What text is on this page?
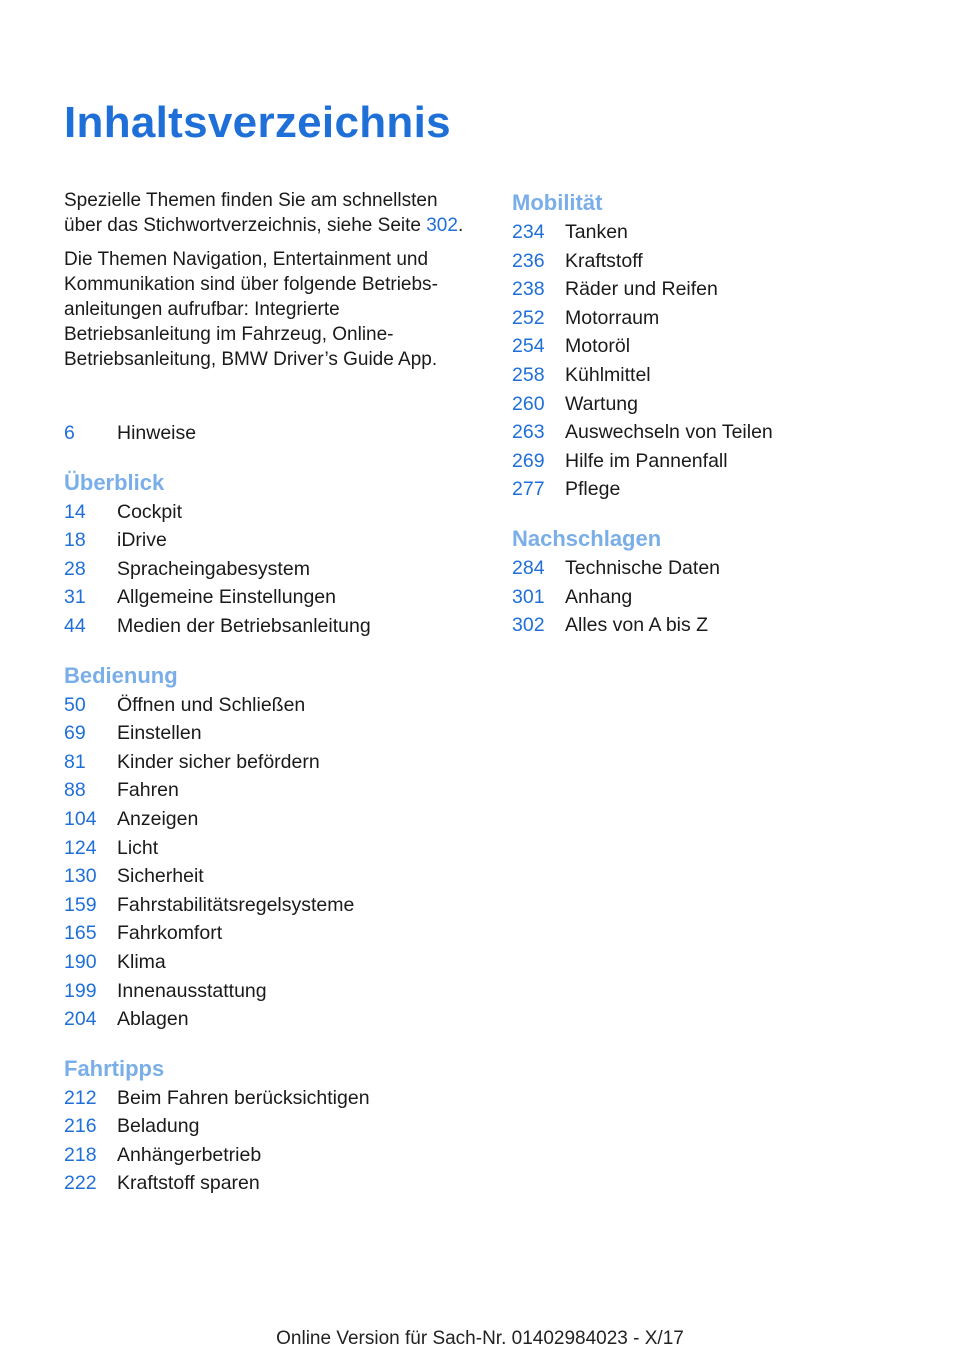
Inhaltsverzeichnis

Spezielle Themen finden Sie am schnellsten über das Stichwortverzeichnis, siehe Seite 302.

Die Themen Navigation, Entertainment und Kommunikation sind über folgende Betriebsanleitungen aufrufbar: Integrierte Betriebsanleitung im Fahrzeug, Online-Betriebsanleitung, BMW Driver’s Guide App.

6	Hinweise
Überblick
14	Cockpit
18	iDrive
28	Spracheingabesystem
31	Allgemeine Einstellungen
44	Medien der Betriebsanleitung
Bedienung
50	Öffnen und Schließen
69	Einstellen
81	Kinder sicher befördern
88	Fahren
104	Anzeigen
124	Licht
130	Sicherheit
159	Fahrstabilitätsregelsysteme
165	Fahrkomfort
190	Klima
199	Innenausstattung
204	Ablagen
Fahrtipps
212	Beim Fahren berücksichtigen
216	Beladung
218	Anhängerbetrieb
222	Kraftstoff sparen
Mobilität
234	Tanken
236	Kraftstoff
238	Räder und Reifen
252	Motorraum
254	Motoröl
258	Kühlmittel
260	Wartung
263	Auswechseln von Teilen
269	Hilfe im Pannenfall
277	Pflege
Nachschlagen
284	Technische Daten
301	Anhang
302	Alles von A bis Z
Online Version für Sach-Nr. 01402984023 - X/17
